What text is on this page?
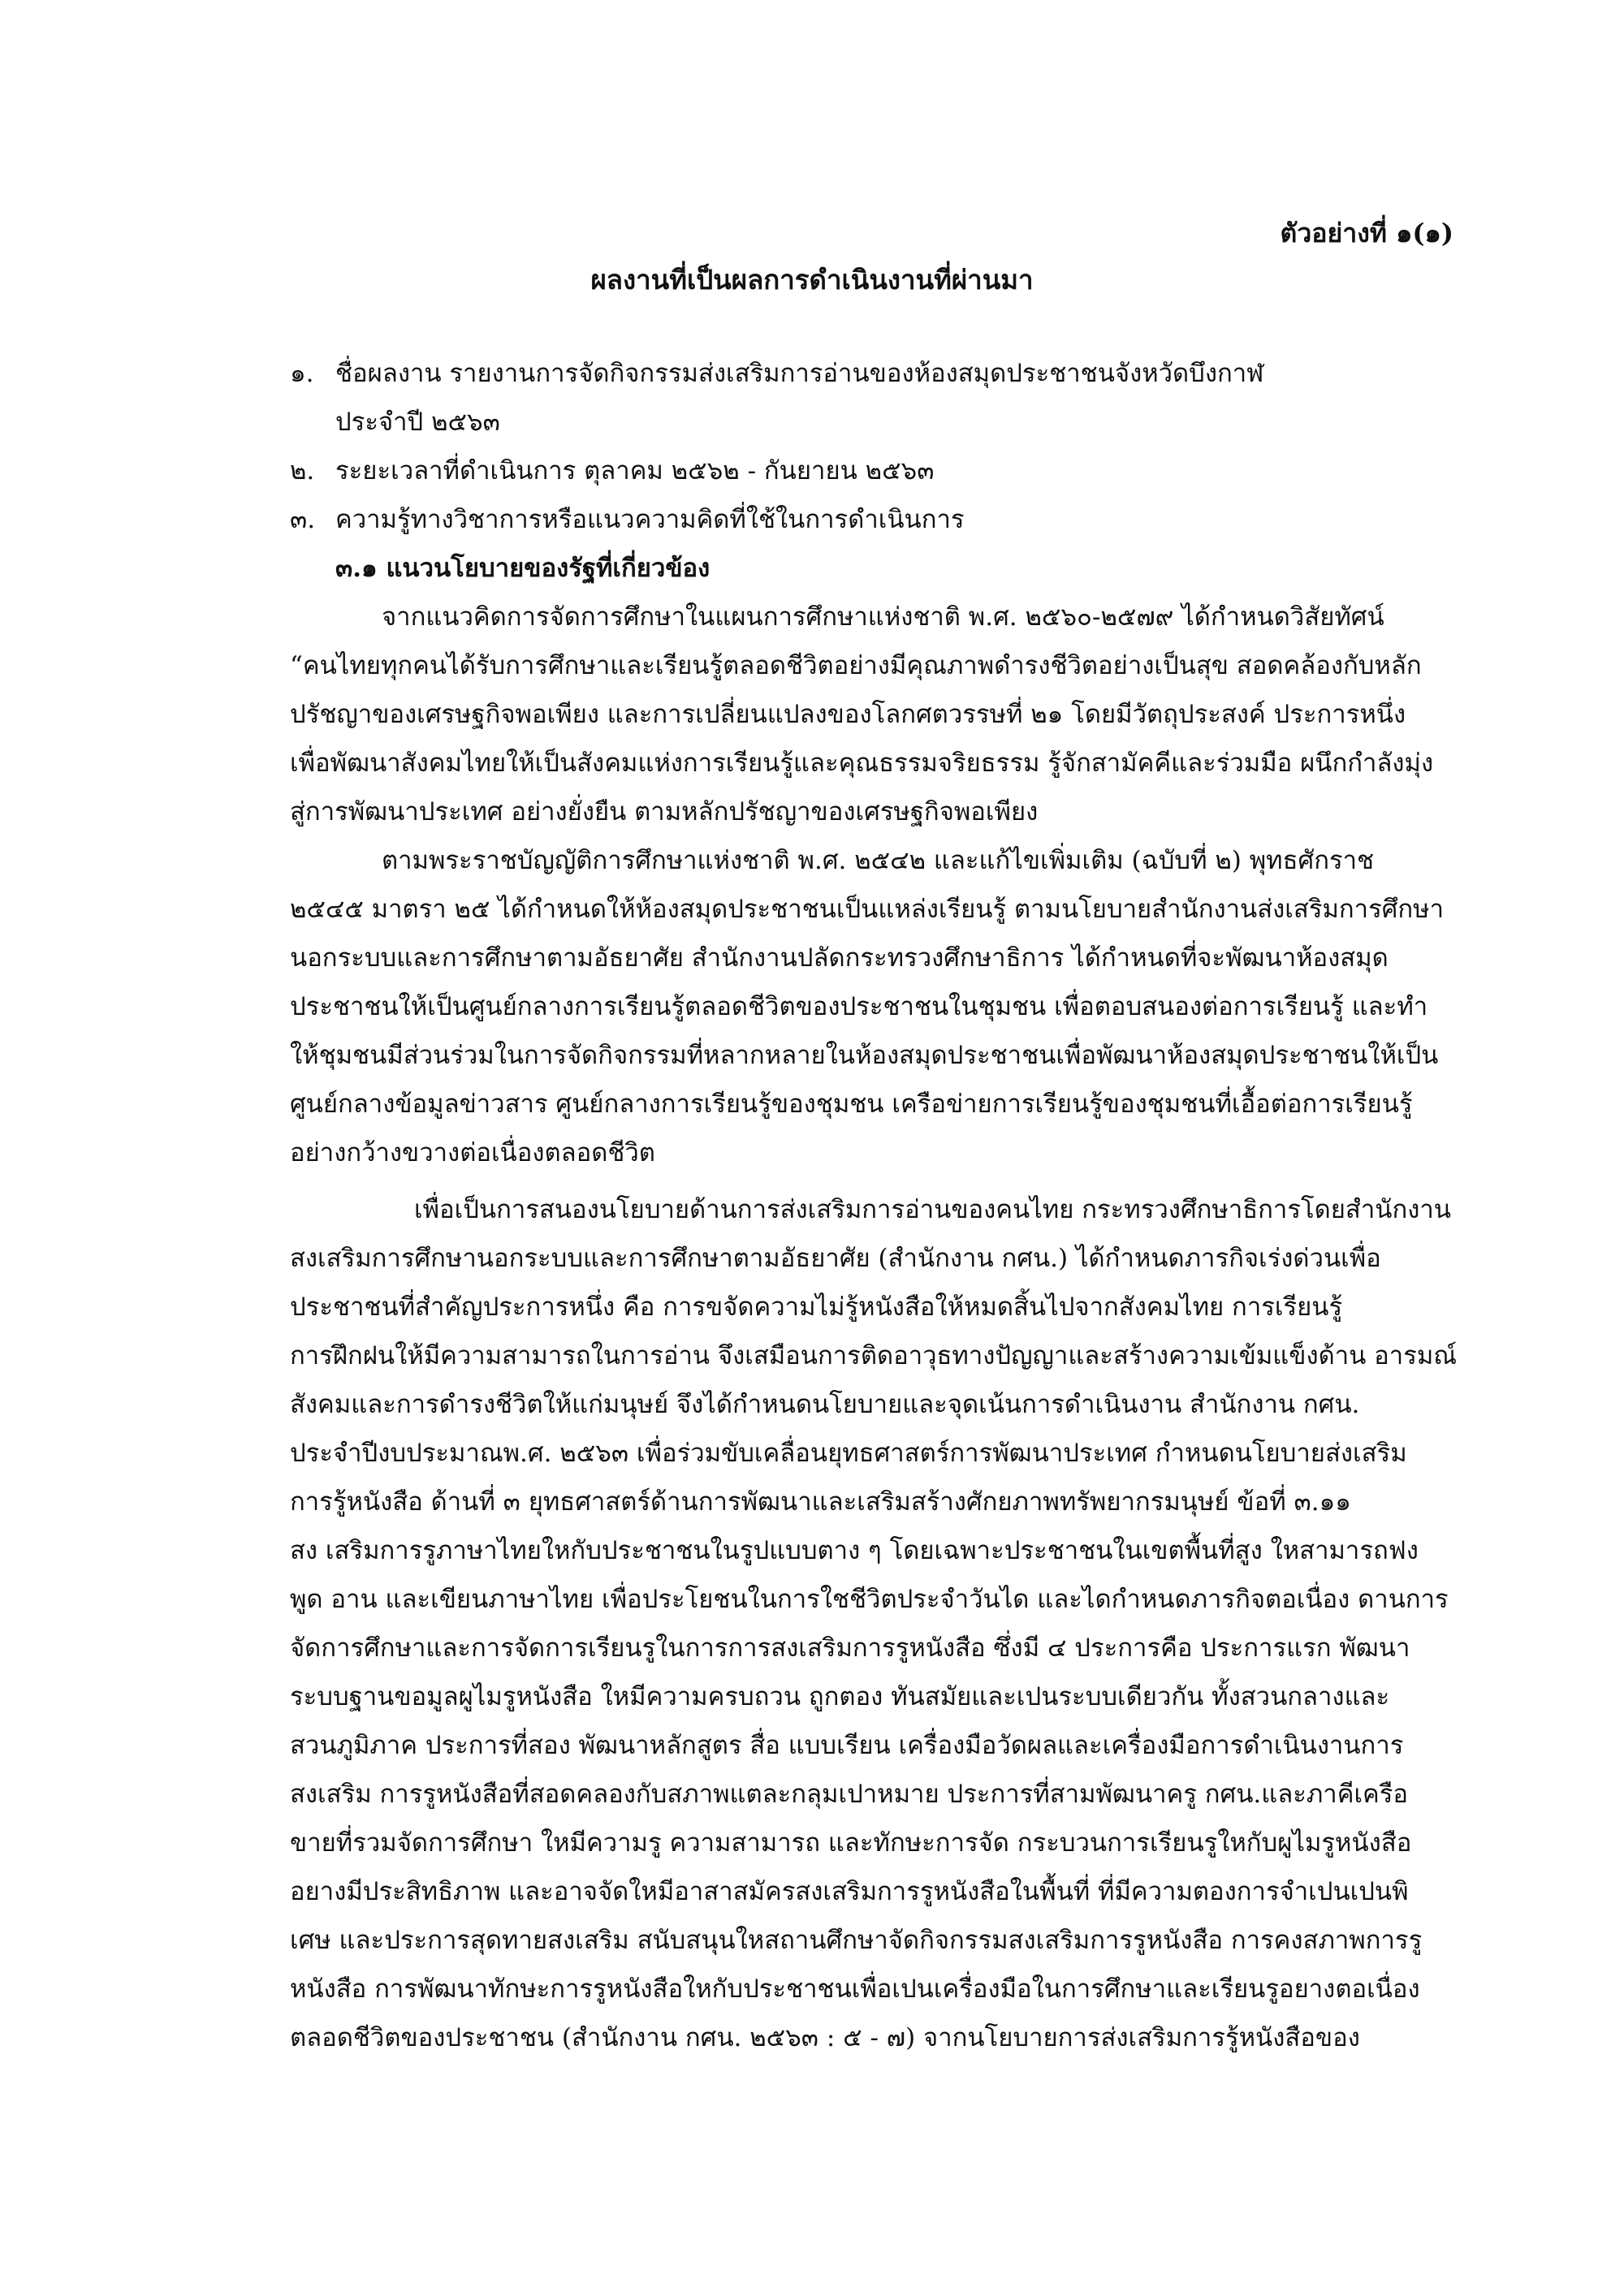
ตัวอย่างที่ ๑(๑)
ผลงานที่เป็นผลการดำเนินงานที่ผ่านมา
๑. ชื่อผลงาน รายงานการจัดกิจกรรมส่งเสริมการอ่านของห้องสมุดประชาชนจังหวัดบึงกาฬ
ประจำปี ๒๕๖๓
๒. ระยะเวลาที่ดำเนินการ ตุลาคม ๒๕๖๒ - กันยายน ๒๕๖๓
๓. ความรู้ทางวิชาการหรือแนวความคิดที่ใช้ในการดำเนินการ
๓.๑ แนวนโยบายของรัฐที่เกี่ยวข้อง
จากแนวคิดการจัดการศึกษาในแผนการศึกษาแห่งชาติ พ.ศ. ๒๕๖๐-๒๕๗๙ ได้กำหนดวิสัยทัศน์
“คนไทยทุกคนได้รับการศึกษาและเรียนรู้ตลอดชีวิตอย่างมีคุณภาพดำรงชีวิตอย่างเป็นสุข สอดคล้องกับหลัก
ปรัชญาของเศรษฐกิจพอเพียง และการเปลี่ยนแปลงของโลกศตวรรษที่ ๒๑ โดยมีวัตถุประสงค์ ประการหนึ่ง
เพื่อพัฒนาสังคมไทยให้เป็นสังคมแห่งการเรียนรู้และคุณธรรมจริยธรรม รู้จักสามัคคีและร่วมมือ ผนึกกำลังมุ่ง
สู่การพัฒนาประเทศ อย่างยั่งยืน ตามหลักปรัชญาของเศรษฐกิจพอเพียง
ตามพระราชบัญญัติการศึกษาแห่งชาติ พ.ศ. ๒๕๔๒ และแก้ไขเพิ่มเติม (ฉบับที่ ๒) พุทธศักราช
๒๕๔๕ มาตรา ๒๕ ได้กำหนดให้ห้องสมุดประชาชนเป็นแหล่งเรียนรู้ ตามนโยบายสำนักงานส่งเสริมการศึกษา
นอกระบบและการศึกษาตามอัธยาศัย สำนักงานปลัดกระทรวงศึกษาธิการ ได้กำหนดที่จะพัฒนาห้องสมุด
ประชาชนให้เป็นศูนย์กลางการเรียนรู้ตลอดชีวิตของประชาชนในชุมชน เพื่อตอบสนองต่อการเรียนรู้ และทำ
ให้ชุมชนมีส่วนร่วมในการจัดกิจกรรมที่หลากหลายในห้องสมุดประชาชนเพื่อพัฒนาห้องสมุดประชาชนให้เป็น
ศูนย์กลางข้อมูลข่าวสาร ศูนย์กลางการเรียนรู้ของชุมชน เครือข่ายการเรียนรู้ของชุมชนที่เอื้อต่อการเรียนรู้
อย่างกว้างขวางต่อเนื่องตลอดชีวิต
เพื่อเป็นการสนองนโยบายด้านการส่งเสริมการอ่านของคนไทย กระทรวงศึกษาธิการโดยสำนักงาน
สงเสริมการศึกษานอกระบบและการศึกษาตามอัธยาศัย (สำนักงาน กศน.) ได้กำหนดภารกิจเร่งด่วนเพื่อ
ประชาชนที่สำคัญประการหนึ่ง คือ การขจัดความไม่รู้หนังสือให้หมดสิ้นไปจากสังคมไทย การเรียนรู้
การฝึกฝนให้มีความสามารถในการอ่าน จึงเสมือนการติดอาวุธทางปัญญาและสร้างความเข้มแข็งด้าน อารมณ์
สังคมและการดำรงชีวิตให้แก่มนุษย์ จึงได้กำหนดนโยบายและจุดเน้นการดำเนินงาน สำนักงาน กศน.
ประจำปีงบประมาณพ.ศ. ๒๕๖๓ เพื่อร่วมขับเคลื่อนยุทธศาสตร์การพัฒนาประเทศ กำหนดนโยบายส่งเสริม
การรู้หนังสือ ด้านที่ ๓ ยุทธศาสตร์ด้านการพัฒนาและเสริมสร้างศักยภาพทรัพยากรมนุษย์ ข้อที่ ๓.๑๑
สง เสริมการรูภาษาไทยใหกับประชาชนในรูปแบบตาง ๆ โดยเฉพาะประชาชนในเขตพื้นที่สูง ใหสามารถฟง
พูด อาน และเขียนภาษาไทย เพื่อประโยชนในการใชชีวิตประจำวันได และไดกำหนดภารกิจตอเนื่อง ดานการ
จัดการศึกษาและการจัดการเรียนรูในการการสงเสริมการรูหนังสือ ซึ่งมี ๔ ประการคือ ประการแรก พัฒนา
ระบบฐานขอมูลผูไมรูหนังสือ ใหมีความครบถวน ถูกตอง ทันสมัยและเปนระบบเดียวกัน ทั้งสวนกลางและ
สวนภูมิภาค ประการที่สอง พัฒนาหลักสูตร สื่อ แบบเรียน เครื่องมือวัดผลและเครื่องมือการดำเนินงานการ
สงเสริม การรูหนังสือที่สอดคลองกับสภาพแตละกลุมเปาหมาย ประการที่สามพัฒนาครู กศน.และภาคีเครือ
ขายที่รวมจัดการศึกษา ใหมีความรู ความสามารถ และทักษะการจัด กระบวนการเรียนรูใหกับผูไมรูหนังสือ
อยางมีประสิทธิภาพ และอาจจัดใหมีอาสาสมัครสงเสริมการรูหนังสือในพื้นที่ ที่มีความตองการจำเปนเปนพิ
เศษ และประการสุดทายสงเสริม สนับสนุนใหสถานศึกษาจัดกิจกรรมสงเสริมการรูหนังสือ การคงสภาพการรู
หนังสือ การพัฒนาทักษะการรูหนังสือใหกับประชาชนเพื่อเปนเครื่องมือในการศึกษาและเรียนรูอยางตอเนื่อง
ตลอดชีวิตของประชาชน (สำนักงาน กศน. ๒๕๖๓ : ๕ - ๗) จากนโยบายการส่งเสริมการรู้หนังสือของ
